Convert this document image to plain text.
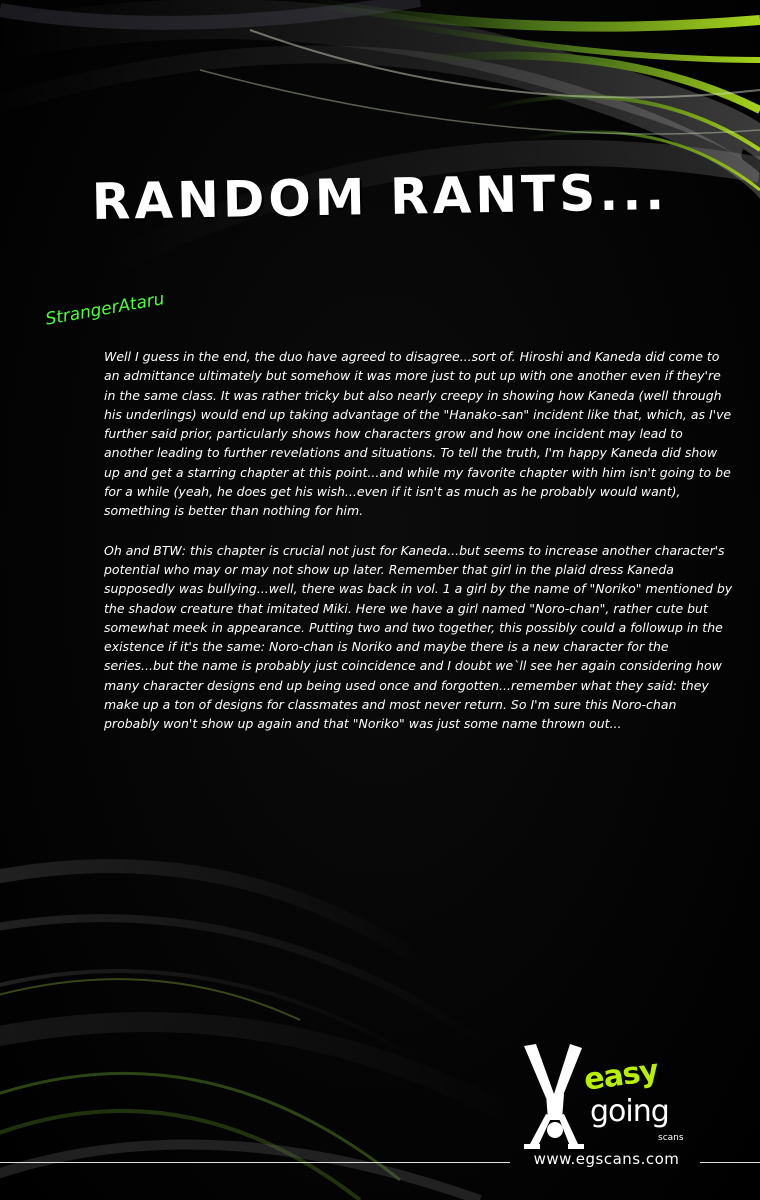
RANDOM RANTS...
StrangerAtaru

Well I guess in the end, the duo have agreed to disagree...sort of. Hiroshi and Kaneda did come to an admittance ultimately but somehow it was more just to put up with one another even if they're in the same class. It was rather tricky but also nearly creepy in showing how Kaneda (well through his underlings) would end up taking advantage of the "Hanako-san" incident like that, which, as I've further said prior, particularly shows how characters grow and how one incident may lead to another leading to further revelations and situations. To tell the truth, I'm happy Kaneda did show up and get a starring chapter at this point...and while my favorite chapter with him isn't going to be for a while (yeah, he does get his wish...even if it isn't as much as he probably would want), something is better than nothing for him.

Oh and BTW: this chapter is crucial not just for Kaneda...but seems to increase another character's potential who may or may not show up later. Remember that girl in the plaid dress Kaneda supposedly was bullying...well, there was back in vol. 1 a girl by the name of "Noriko" mentioned by the shadow creature that imitated Miki. Here we have a girl named "Noro-chan", rather cute but somewhat meek in appearance. Putting two and two together, this possibly could a followup in the existence if it's the same: Noro-chan is Noriko and maybe there is a new character for the series...but the name is probably just coincidence and I doubt we`ll see her again considering how many character designs end up being used once and forgotten...remember what they said: they make up a ton of designs for classmates and most never return. So I'm sure this Noro-chan probably won't show up again and that "Noriko" was just some name thrown out...

easy
going
scans
www.egscans.com
